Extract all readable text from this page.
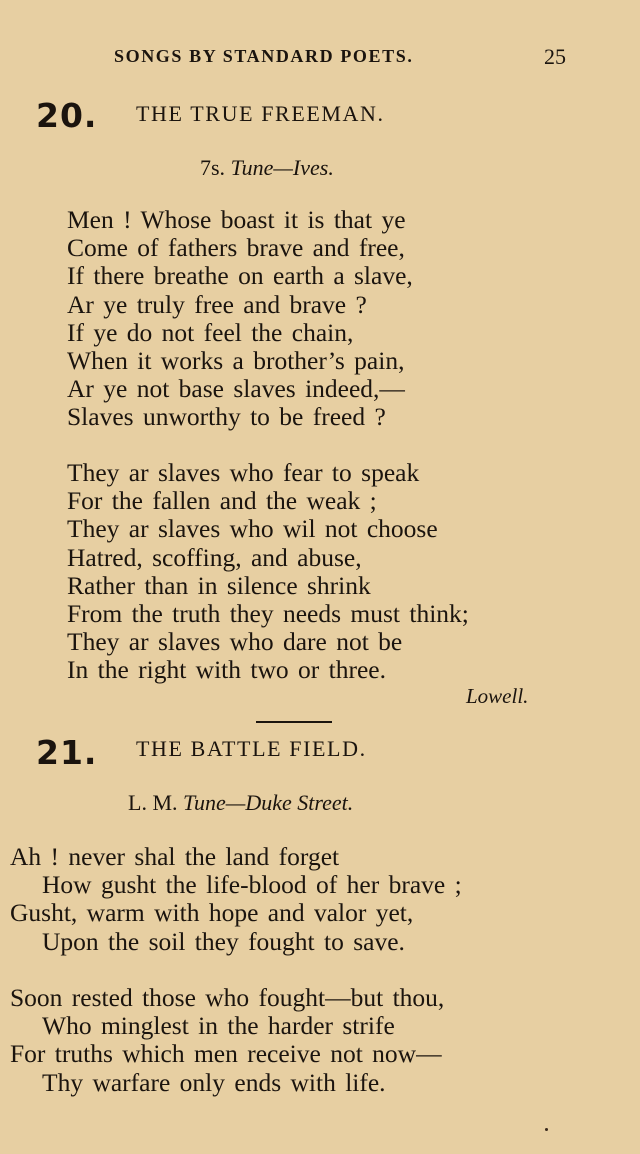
SONGS BY STANDARD POETS.	25
20. THE TRUE FREEMAN.
7s. Tune—Ives.
Men ! Whose boast it is that ye
Come of fathers brave and free,
If there breathe on earth a slave,
Ar ye truly free and brave ?
If ye do not feel the chain,
When it works a brother’s pain,
Ar ye not base slaves indeed,—
Slaves unworthy to be freed ?
They ar slaves who fear to speak
For the fallen and the weak ;
They ar slaves who wil not choose
Hatred, scoffing, and abuse,
Rather than in silence shrink
From the truth they needs must think;
They ar slaves who dare not be
In the right with two or three.
Lowell.
21. THE BATTLE FIELD.
L. M. Tune—Duke Street.
Ah ! never shal the land forget
How gusht the life-blood of her brave ;
Gusht, warm with hope and valor yet,
Upon the soil they fought to save.
Soon rested those who fought—but thou,
Who minglest in the harder strife
For truths which men receive not now—
Thy warfare only ends with life.
